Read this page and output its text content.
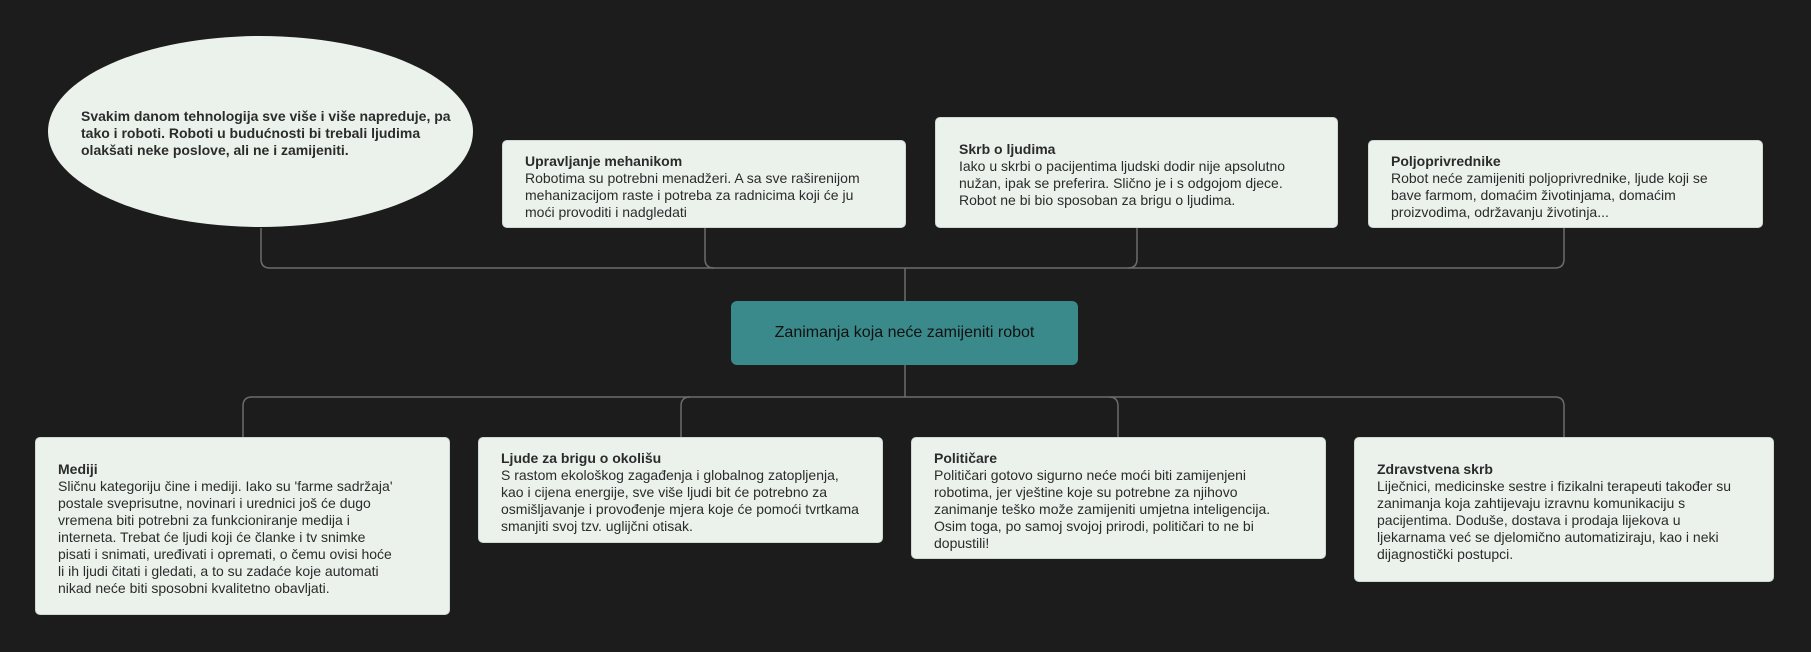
Svakim danom tehnologija sve više i više napreduje, pa
tako i roboti. Roboti u budućnosti bi trebali ljudima
olakšati neke poslove, ali ne i zamijeniti.
Upravljanje mehanikom
Robotima su potrebni menadžeri. A sa sve raširenijom mehanizacijom raste i potreba za radnicima koji će ju moći provoditi i nadgledati
Skrb o ljudima
Iako u skrbi o pacijentima ljudski dodir nije apsolutno nužan, ipak se preferira. Slično je i s odgojom djece. Robot ne bi bio sposoban za brigu o ljudima.
Poljoprivrednike
Robot neće zamijeniti poljoprivrednike, ljude koji se bave farmom, domaćim životinjama, domaćim proizvodima, održavanju životinja...
Zanimanja koja neće zamijeniti robot
Mediji
Sličnu kategoriju čine i mediji. Iako su 'farme sadržaja' postale sveprisutne, novinari i urednici još će dugo vremena biti potrebni za funkcioniranje medija i interneta. Trebat će ljudi koji će članke i tv snimke pisati i snimati, uređivati i opremati, o čemu ovisi hoće li ih ljudi čitati i gledati, a to su zadaće koje automati nikad neće biti sposobni kvalitetno obavljati.
Ljude za brigu o okolišu
S rastom ekološkog zagađenja i globalnog zatopljenja, kao i cijena energije, sve više ljudi bit će potrebno za osmišljavanje i provođenje mjera koje će pomoći tvrtkama smanjiti svoj tzv. uglijčni otisak.
Političare
Političari gotovo sigurno neće moći biti zamijenjeni robotima, jer vještine koje su potrebne za njihovo zanimanje teško može zamijeniti umjetna inteligencija. Osim toga, po samoj svojoj prirodi, političari to ne bi dopustili!
Zdravstvena skrb
Liječnici, medicinske sestre i fizikalni terapeuti također su zanimanja koja zahtijevaju izravnu komunikaciju s pacijentima. Doduše, dostava i prodaja lijekova u ljekarnama već se djelomično automatiziraju, kao i neki dijagnostički postupci.
